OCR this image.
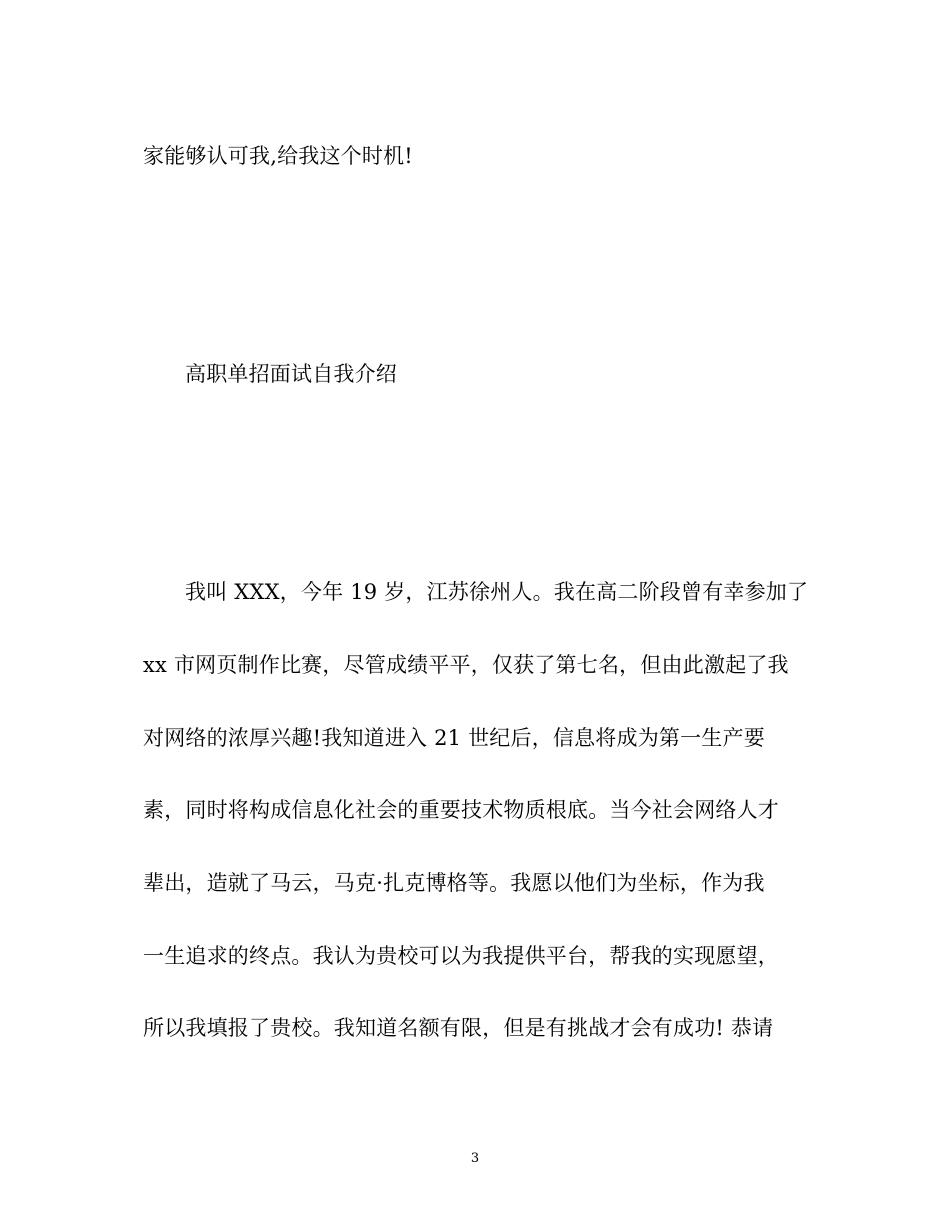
家能够认可我,给我这个时机!
高职单招面试自我介绍
我叫 XXX，今年 19 岁，江苏徐州人。我在高二阶段曾有幸参加了
xx 市网页制作比赛，尽管成绩平平，仅获了第七名，但由此激起了我
对网络的浓厚兴趣!我知道进入 21 世纪后，信息将成为第一生产要
素，同时将构成信息化社会的重要技术物质根底。当今社会网络人才
辈出，造就了马云，马克·扎克博格等。我愿以他们为坐标，作为我
一生追求的终点。我认为贵校可以为我提供平台，帮我的实现愿望，
所以我填报了贵校。我知道名额有限，但是有挑战才会有成功! 恭请
3
